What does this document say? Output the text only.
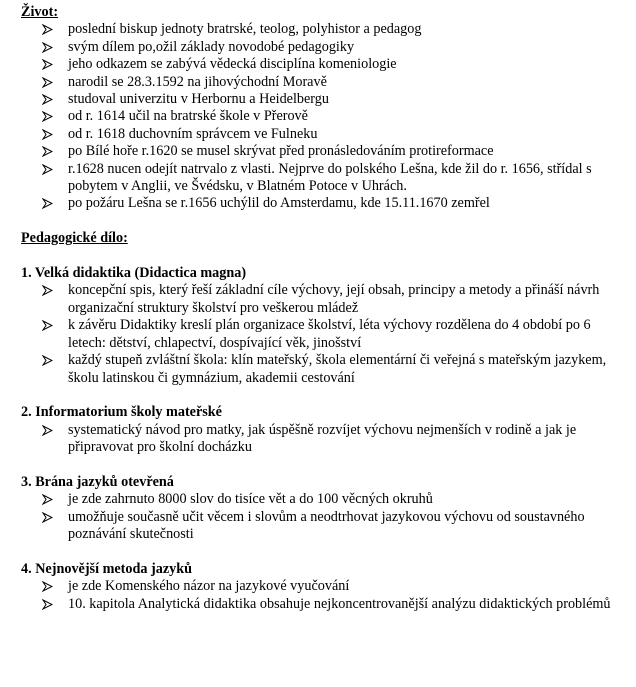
Život:
poslední biskup jednoty bratrské, teolog, polyhistor a pedagog
svým dílem po,ožil základy novodobé pedagogiky
jeho odkazem se zabývá vědecká disciplína komeniologie
narodil se 28.3.1592 na jihovýchodní Moravě
studoval univerzitu v Herbornu a Heidelbergu
od r. 1614 učil na bratrské škole v Přerově
od r. 1618 duchovním správcem ve Fulneku
po Bílé hoře r.1620 se musel skrývat před pronásledováním protireformace
r.1628 nucen odejít natrvalo z vlasti. Nejprve do polského Lešna, kde žil do r. 1656, střídal s pobytem v Anglii, ve Švédsku, v Blatném Potoce v Uhrách.
po požáru Lešna se r.1656 uchýlil do Amsterdamu, kde 15.11.1670 zemřel
Pedagogické dílo:
1. Velká didaktika (Didactica magna)
koncepční spis, který řeší základní cíle výchovy, její obsah, principy a metody a přináší návrh organizační struktury školství pro veškerou mládež
k závěru Didaktiky kreslí plán organizace školství, léta výchovy rozdělena do 4 období po 6 letech: dětství, chlapectví, dospívající věk, jinošství
každý stupeň zvláštní škola: klín mateřský, škola elementární či veřejná s mateřským jazykem, školu latinskou či gymnázium, akademii cestování
2. Informatorium školy mateřské
systematický návod pro matky, jak úspěšně rozvíjet výchovu nejmenších v rodině a jak je připravovat pro školní docházku
3. Brána jazyků otevřená
je zde zahrnuto 8000 slov do tisíce vět a do 100 věcných okruhů
umožňuje současně učit věcem i slovům a neodtrhovat jazykovou výchovu od soustavného poznávání skutečnosti
4. Nejnovější metoda jazyků
je zde Komenského názor na jazykové vyučování
10. kapitola Analytická didaktika obsahuje nejkoncentrovanější analýzu didaktických problémů
